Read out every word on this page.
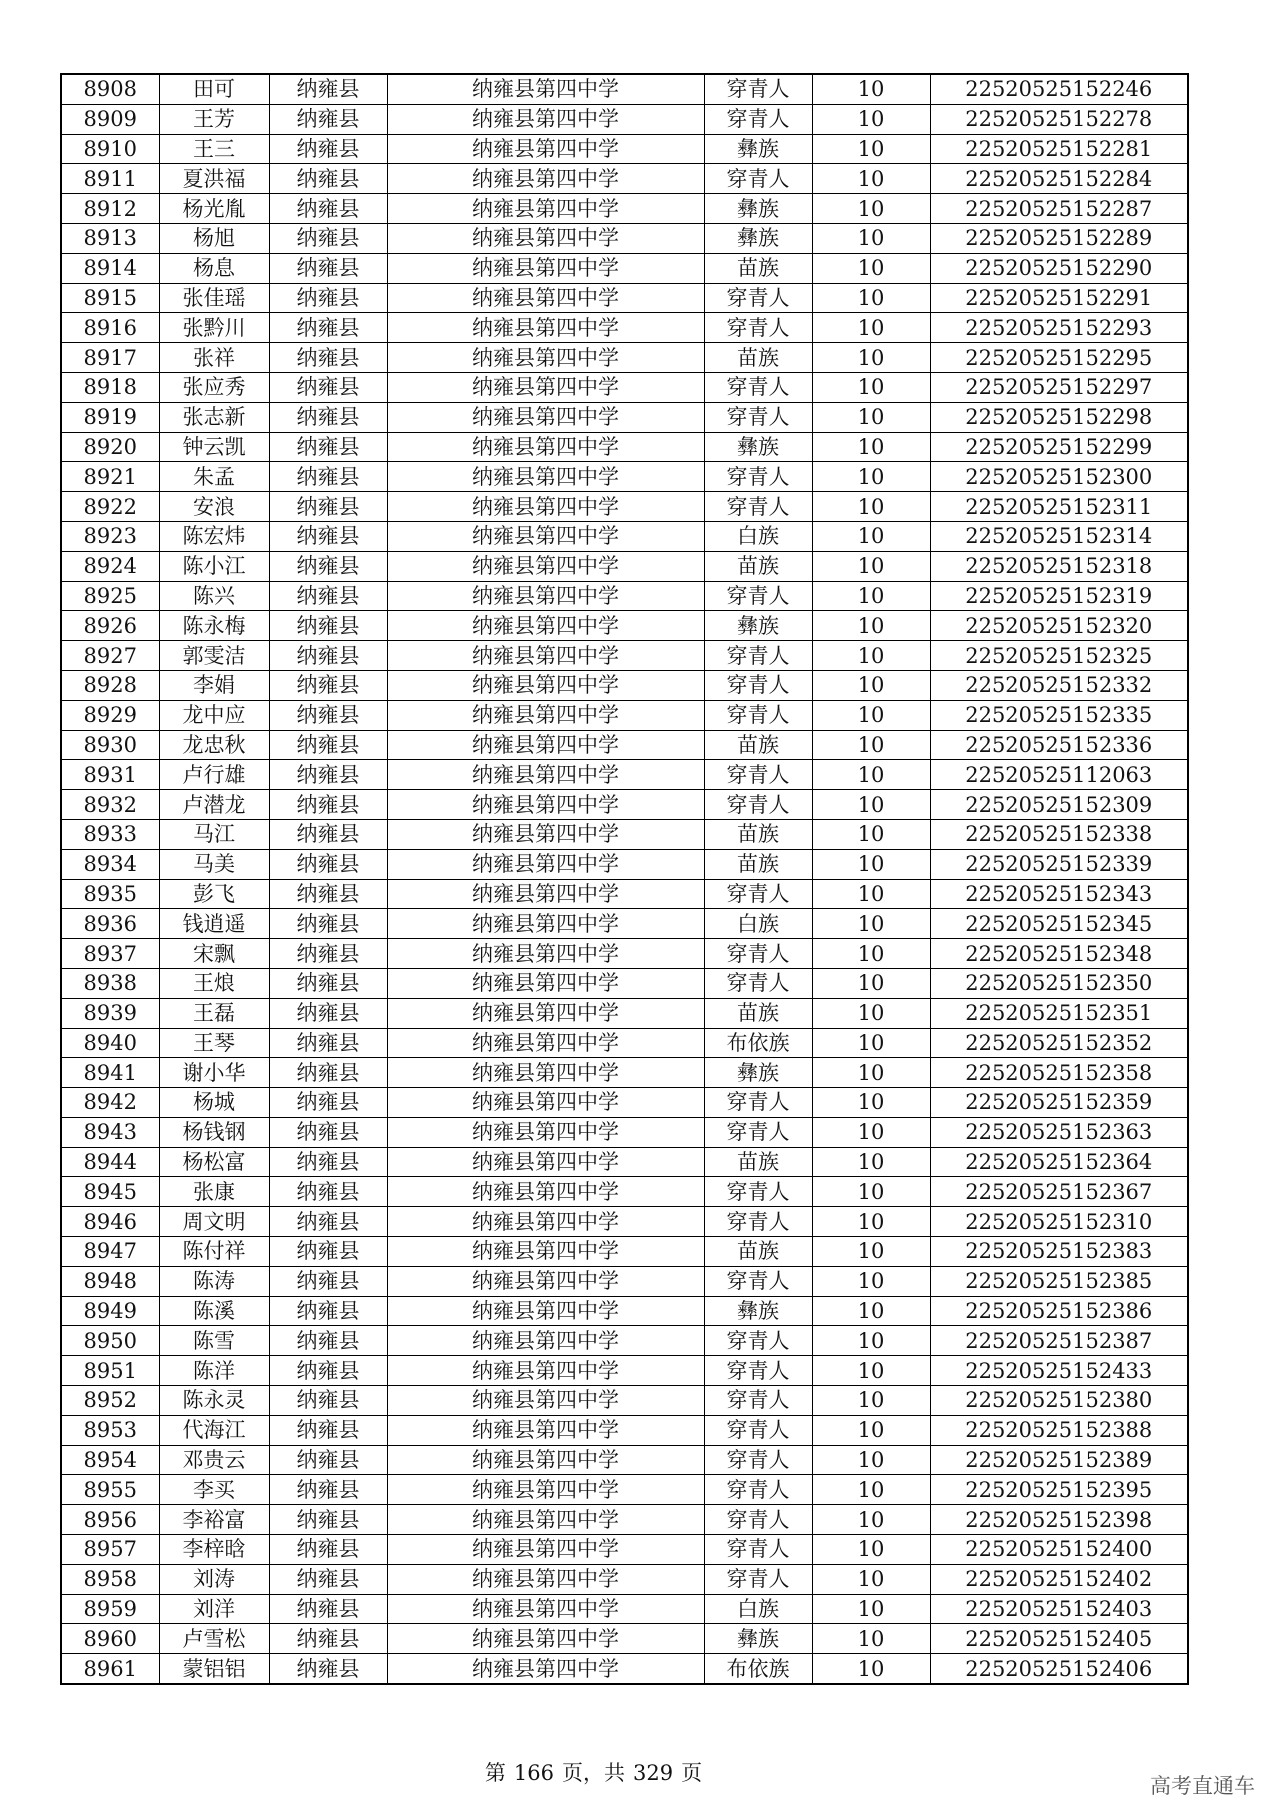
8908	田可	纳雍县	纳雍县第四中学	穿青人	10	22520525152246
8909	王芳	纳雍县	纳雍县第四中学	穿青人	10	22520525152278
8910	王三	纳雍县	纳雍县第四中学	彝族	10	22520525152281
8911	夏洪福	纳雍县	纳雍县第四中学	穿青人	10	22520525152284
8912	杨光胤	纳雍县	纳雍县第四中学	彝族	10	22520525152287
8913	杨旭	纳雍县	纳雍县第四中学	彝族	10	22520525152289
8914	杨息	纳雍县	纳雍县第四中学	苗族	10	22520525152290
8915	张佳瑶	纳雍县	纳雍县第四中学	穿青人	10	22520525152291
8916	张黔川	纳雍县	纳雍县第四中学	穿青人	10	22520525152293
8917	张祥	纳雍县	纳雍县第四中学	苗族	10	22520525152295
8918	张应秀	纳雍县	纳雍县第四中学	穿青人	10	22520525152297
8919	张志新	纳雍县	纳雍县第四中学	穿青人	10	22520525152298
8920	钟云凯	纳雍县	纳雍县第四中学	彝族	10	22520525152299
8921	朱孟	纳雍县	纳雍县第四中学	穿青人	10	22520525152300
8922	安浪	纳雍县	纳雍县第四中学	穿青人	10	22520525152311
8923	陈宏炜	纳雍县	纳雍县第四中学	白族	10	22520525152314
8924	陈小江	纳雍县	纳雍县第四中学	苗族	10	22520525152318
8925	陈兴	纳雍县	纳雍县第四中学	穿青人	10	22520525152319
8926	陈永梅	纳雍县	纳雍县第四中学	彝族	10	22520525152320
8927	郭雯洁	纳雍县	纳雍县第四中学	穿青人	10	22520525152325
8928	李娟	纳雍县	纳雍县第四中学	穿青人	10	22520525152332
8929	龙中应	纳雍县	纳雍县第四中学	穿青人	10	22520525152335
8930	龙忠秋	纳雍县	纳雍县第四中学	苗族	10	22520525152336
8931	卢行雄	纳雍县	纳雍县第四中学	穿青人	10	22520525112063
8932	卢潜龙	纳雍县	纳雍县第四中学	穿青人	10	22520525152309
8933	马江	纳雍县	纳雍县第四中学	苗族	10	22520525152338
8934	马美	纳雍县	纳雍县第四中学	苗族	10	22520525152339
8935	彭飞	纳雍县	纳雍县第四中学	穿青人	10	22520525152343
8936	钱逍遥	纳雍县	纳雍县第四中学	白族	10	22520525152345
8937	宋飘	纳雍县	纳雍县第四中学	穿青人	10	22520525152348
8938	王烺	纳雍县	纳雍县第四中学	穿青人	10	22520525152350
8939	王磊	纳雍县	纳雍县第四中学	苗族	10	22520525152351
8940	王琴	纳雍县	纳雍县第四中学	布依族	10	22520525152352
8941	谢小华	纳雍县	纳雍县第四中学	彝族	10	22520525152358
8942	杨城	纳雍县	纳雍县第四中学	穿青人	10	22520525152359
8943	杨钱钢	纳雍县	纳雍县第四中学	穿青人	10	22520525152363
8944	杨松富	纳雍县	纳雍县第四中学	苗族	10	22520525152364
8945	张康	纳雍县	纳雍县第四中学	穿青人	10	22520525152367
8946	周文明	纳雍县	纳雍县第四中学	穿青人	10	22520525152310
8947	陈付祥	纳雍县	纳雍县第四中学	苗族	10	22520525152383
8948	陈涛	纳雍县	纳雍县第四中学	穿青人	10	22520525152385
8949	陈溪	纳雍县	纳雍县第四中学	彝族	10	22520525152386
8950	陈雪	纳雍县	纳雍县第四中学	穿青人	10	22520525152387
8951	陈洋	纳雍县	纳雍县第四中学	穿青人	10	22520525152433
8952	陈永灵	纳雍县	纳雍县第四中学	穿青人	10	22520525152380
8953	代海江	纳雍县	纳雍县第四中学	穿青人	10	22520525152388
8954	邓贵云	纳雍县	纳雍县第四中学	穿青人	10	22520525152389
8955	李买	纳雍县	纳雍县第四中学	穿青人	10	22520525152395
8956	李裕富	纳雍县	纳雍县第四中学	穿青人	10	22520525152398
8957	李梓晗	纳雍县	纳雍县第四中学	穿青人	10	22520525152400
8958	刘涛	纳雍县	纳雍县第四中学	穿青人	10	22520525152402
8959	刘洋	纳雍县	纳雍县第四中学	白族	10	22520525152403
8960	卢雪松	纳雍县	纳雍县第四中学	彝族	10	22520525152405
8961	蒙铝铝	纳雍县	纳雍县第四中学	布依族	10	22520525152406
第 166 页，共 329 页
高考直通车
